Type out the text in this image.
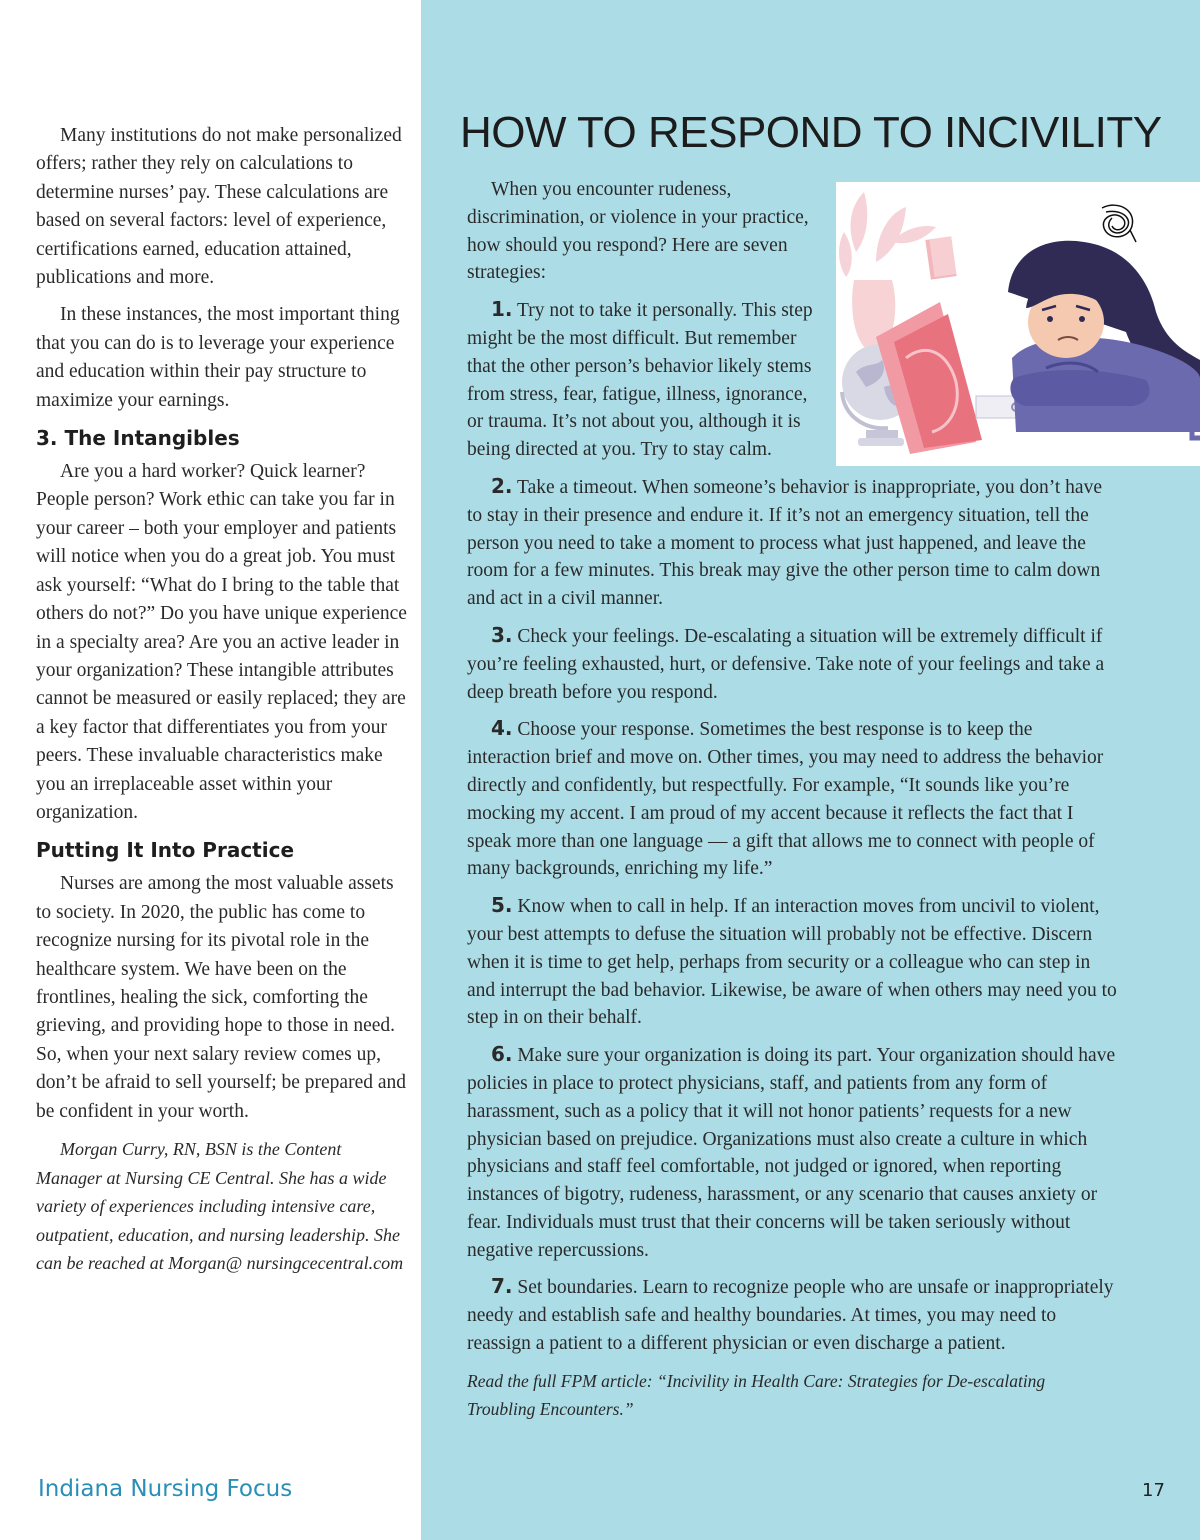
Many institutions do not make personalized offers; rather they rely on calculations to determine nurses’ pay. These calculations are based on several factors: level of experience, certifications earned, education attained, publications and more.

In these instances, the most important thing that you can do is to leverage your experience and education within their pay structure to maximize your earnings.

3. The Intangibles

Are you a hard worker? Quick learner? People person? Work ethic can take you far in your career – both your employer and patients will notice when you do a great job. You must ask yourself: “What do I bring to the table that others do not?” Do you have unique experience in a specialty area? Are you an active leader in your organization? These intangible attributes cannot be measured or easily replaced; they are a key factor that differentiates you from your peers. These invaluable characteristics make you an irreplaceable asset within your organization.

Putting It Into Practice

Nurses are among the most valuable assets to society. In 2020, the public has come to recognize nursing for its pivotal role in the healthcare system. We have been on the frontlines, healing the sick, comforting the grieving, and providing hope to those in need. So, when your next salary review comes up, don’t be afraid to sell yourself; be prepared and be confident in your worth.

Morgan Curry, RN, BSN is the Content Manager at Nursing CE Central. She has a wide variety of experiences including intensive care, outpatient, education, and nursing leadership. She can be reached at Morgan@ nursingcecentral.com

Indiana Nursing Focus
HOW TO RESPOND TO INCIVILITY

When you encounter rudeness, discrimination, or violence in your practice, how should you respond? Here are seven strategies:

1. Try not to take it personally. This step might be the most difficult. But remember that the other person’s behavior likely stems from stress, fear, fatigue, illness, ignorance, or trauma. It’s not about you, although it is being directed at you. Try to stay calm.

2. Take a timeout. When someone’s behavior is inappropriate, you don’t have to stay in their presence and endure it. If it’s not an emergency situation, tell the person you need to take a moment to process what just happened, and leave the room for a few minutes. This break may give the other person time to calm down and act in a civil manner.

3. Check your feelings. De-escalating a situation will be extremely difficult if you’re feeling exhausted, hurt, or defensive. Take note of your feelings and take a deep breath before you respond.

4. Choose your response. Sometimes the best response is to keep the interaction brief and move on. Other times, you may need to address the behavior directly and confidently, but respectfully. For example, “It sounds like you’re mocking my accent. I am proud of my accent because it reflects the fact that I speak more than one language — a gift that allows me to connect with people of many backgrounds, enriching my life.”

5. Know when to call in help. If an interaction moves from uncivil to violent, your best attempts to defuse the situation will probably not be effective. Discern when it is time to get help, perhaps from security or a colleague who can step in and interrupt the bad behavior. Likewise, be aware of when others may need you to step in on their behalf.

6. Make sure your organization is doing its part. Your organization should have policies in place to protect physicians, staff, and patients from any form of harassment, such as a policy that it will not honor patients’ requests for a new physician based on prejudice. Organizations must also create a culture in which physicians and staff feel comfortable, not judged or ignored, when reporting instances of bigotry, rudeness, harassment, or any scenario that causes anxiety or fear. Individuals must trust that their concerns will be taken seriously without negative repercussions.

7. Set boundaries. Learn to recognize people who are unsafe or inappropriately needy and establish safe and healthy boundaries. At times, you may need to reassign a patient to a different physician or even discharge a patient.

Read the full FPM article: “Incivility in Health Care: Strategies for De-escalating Troubling Encounters.”

17
